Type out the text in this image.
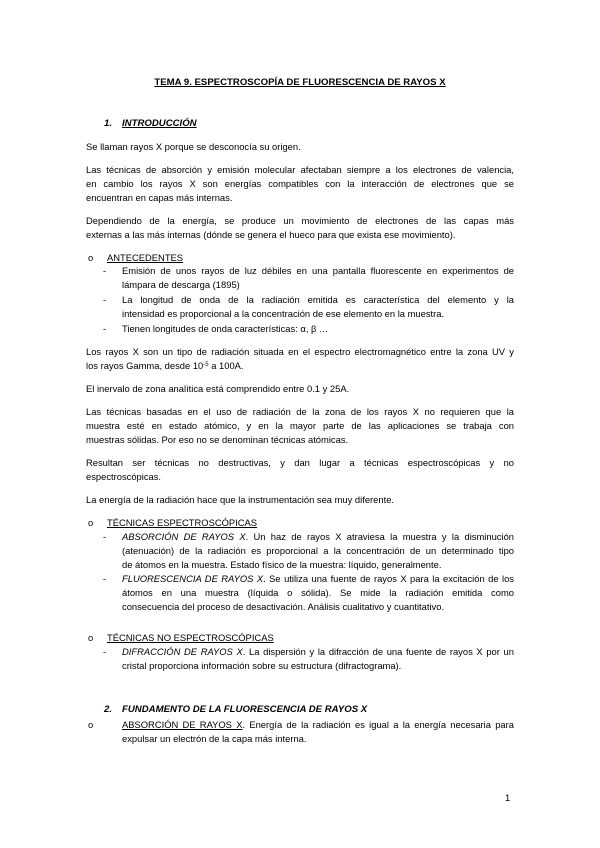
TEMA 9. ESPECTROSCOPÍA DE FLUORESCENCIA DE RAYOS X
1. INTRODUCCIÓN
Se llaman rayos X porque se desconocía su origen.
Las técnicas de absorción y emisión molecular afectaban siempre a los electrones de valencia,
en cambio los rayos X son energías compatibles con la interacción de electrones que se
encuentran en capas más internas.
Dependiendo de la energía, se produce un movimiento de electrones de las capas más
externas a las más internas (dónde se genera el hueco para que exista ese movimiento).
o ANTECEDENTES
- Emisión de unos rayos de luz débiles en una pantalla fluorescente en experimentos de
lámpara de descarga (1895)
- La longitud de onda de la radiación emitida es característica del elemento y la
intensidad es proporcional a la concentración de ese elemento en la muestra.
- Tienen longitudes de onda características: α, β …
Los rayos X son un tipo de radiación situada en el espectro electromagnético entre la zona UV y
los rayos Gamma, desde $10^{-5}$ a 100A.
El inervalo de zona analítica está comprendido entre 0.1 y 25A.
Las técnicas basadas en el uso de radiación de la zona de los rayos X no requieren que la
muestra esté en estado atómico, y en la mayor parte de las aplicaciones se trabaja con
muestras sólidas. Por eso no se denominan técnicas atómicas.
Resultan ser técnicas no destructivas, y dan lugar a técnicas espectroscópicas y no
espectroscópicas.
La energía de la radiación hace que la instrumentación sea muy diferente.
o TÉCNICAS ESPECTROSCÓPICAS
- ABSORCIÓN DE RAYOS X. Un haz de rayos X atraviesa la muestra y la disminución
(atenuación) de la radiación es proporcional a la concentración de un determinado tipo
de átomos en la muestra. Estado físico de la muestra: líquido, generalmente.
- FLUORESCENCIA DE RAYOS X. Se utiliza una fuente de rayos X para la excitación de los
átomos en una muestra (líquida o sólida). Se mide la radiación emitida como
consecuencia del proceso de desactivación. Análisis cualitativo y cuantitativo.
o TÉCNICAS NO ESPECTROSCÓPICAS
- DIFRACCIÓN DE RAYOS X. La dispersión y la difracción de una fuente de rayos X por un
cristal proporciona información sobre su estructura (difractograma).
2. FUNDAMENTO DE LA FLUORESCENCIA DE RAYOS X
o	ABSORCIÓN DE RAYOS X. Energía de la radiación es igual a la energía necesaria para
expulsar un electrón de la capa más interna.
1
